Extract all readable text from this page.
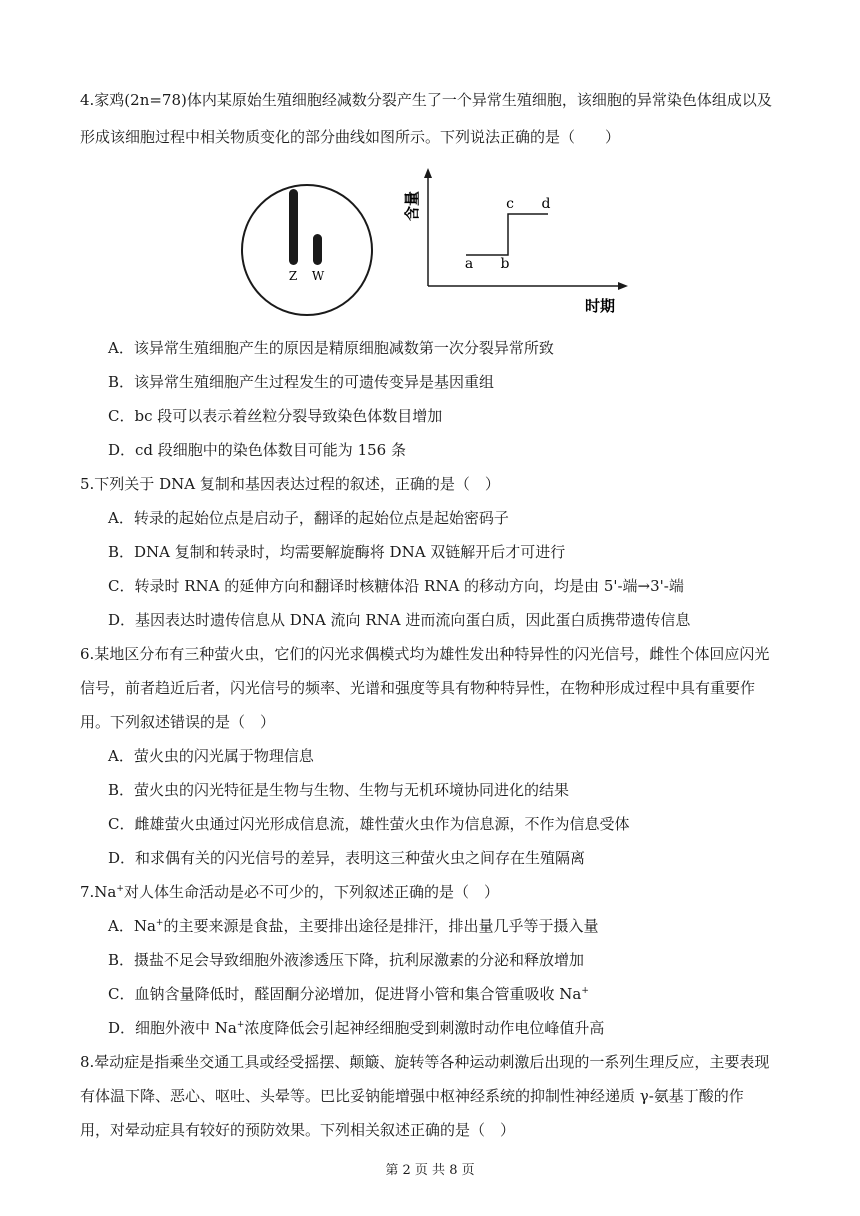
4.家鸡(2n=78)体内某原始生殖细胞经减数分裂产生了一个异常生殖细胞，该细胞的异常染色体组成以及
形成该细胞过程中相关物质变化的部分曲线如图所示。下列说法正确的是（　　）
Z W
含量
时期
a b
c d
A．该异常生殖细胞产生的原因是精原细胞减数第一次分裂异常所致
B．该异常生殖细胞产生过程发生的可遗传变异是基因重组
C．bc 段可以表示着丝粒分裂导致染色体数目增加
D．cd 段细胞中的染色体数目可能为 156 条
5.下列关于 DNA 复制和基因表达过程的叙述，正确的是（　）
A．转录的起始位点是启动子，翻译的起始位点是起始密码子
B．DNA 复制和转录时，均需要解旋酶将 DNA 双链解开后才可进行
C．转录时 RNA 的延伸方向和翻译时核糖体沿 RNA 的移动方向，均是由 5'-端→3'-端
D．基因表达时遗传信息从 DNA 流向 RNA 进而流向蛋白质，因此蛋白质携带遗传信息
6.某地区分布有三种萤火虫，它们的闪光求偶模式均为雄性发出种特异性的闪光信号，雌性个体回应闪光
信号，前者趋近后者，闪光信号的频率、光谱和强度等具有物种特异性，在物种形成过程中具有重要作
用。下列叙述错误的是（　）
A．萤火虫的闪光属于物理信息
B．萤火虫的闪光特征是生物与生物、生物与无机环境协同进化的结果
C．雌雄萤火虫通过闪光形成信息流，雄性萤火虫作为信息源，不作为信息受体
D．和求偶有关的闪光信号的差异，表明这三种萤火虫之间存在生殖隔离
7.Na+对人体生命活动是必不可少的，下列叙述正确的是（　）
A．Na+的主要来源是食盐，主要排出途径是排汗，排出量几乎等于摄入量
B．摄盐不足会导致细胞外液渗透压下降，抗利尿激素的分泌和释放增加
C．血钠含量降低时，醛固酮分泌增加，促进肾小管和集合管重吸收 Na+
D．细胞外液中 Na+浓度降低会引起神经细胞受到刺激时动作电位峰值升高
8.晕动症是指乘坐交通工具或经受摇摆、颠簸、旋转等各种运动刺激后出现的一系列生理反应，主要表现
有体温下降、恶心、呕吐、头晕等。巴比妥钠能增强中枢神经系统的抑制性神经递质 γ-氨基丁酸的作
用，对晕动症具有较好的预防效果。下列相关叙述正确的是（　）
第 2 页 共 8 页
